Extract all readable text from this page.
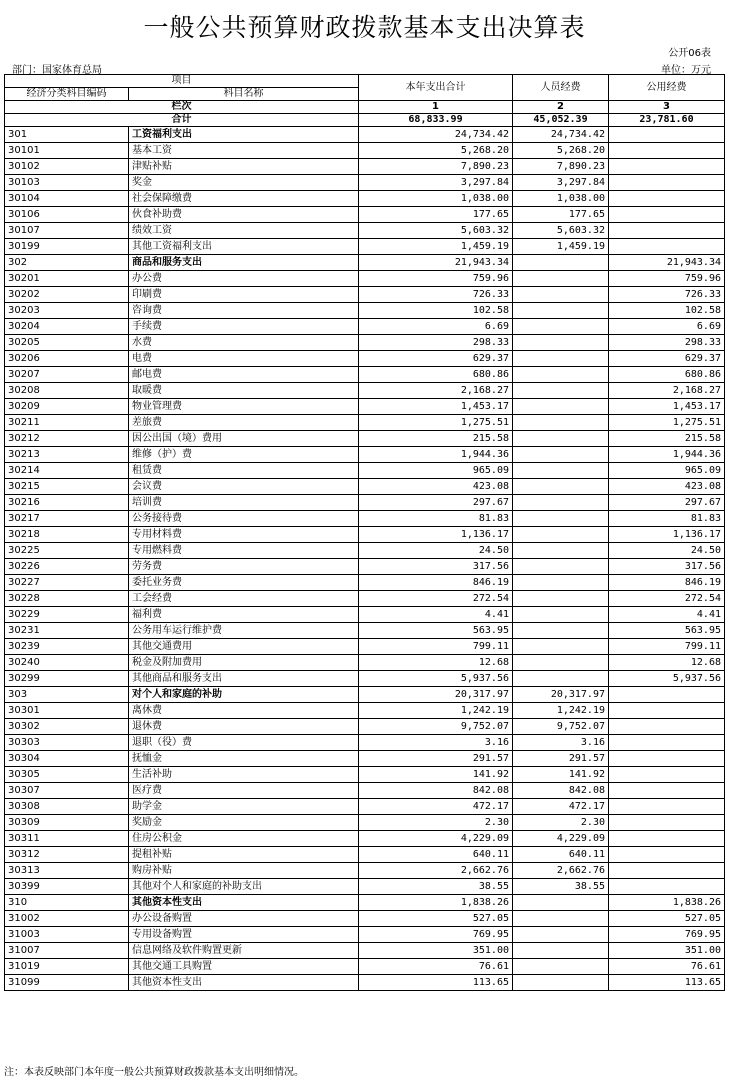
一般公共预算财政拨款基本支出决算表
公开06表
部门：国家体育总局	单位：万元
项目		本年支出合计	人员经费	公用经费
经济分类科目编码	科目名称			
栏次		1	2	3
合计		68,833.99	45,052.39	23,781.60
301	工资福利支出	24,734.42	24,734.42	
30101	基本工资	5,268.20	5,268.20	
30102	津贴补贴	7,890.23	7,890.23	
30103	奖金	3,297.84	3,297.84	
30104	社会保障缴费	1,038.00	1,038.00	
30106	伙食补助费	177.65	177.65	
30107	绩效工资	5,603.32	5,603.32	
30199	其他工资福利支出	1,459.19	1,459.19	
302	商品和服务支出	21,943.34		21,943.34
30201	办公费	759.96		759.96
30202	印刷费	726.33		726.33
30203	咨询费	102.58		102.58
30204	手续费	6.69		6.69
30205	水费	298.33		298.33
30206	电费	629.37		629.37
30207	邮电费	680.86		680.86
30208	取暖费	2,168.27		2,168.27
30209	物业管理费	1,453.17		1,453.17
30211	差旅费	1,275.51		1,275.51
30212	因公出国（境）费用	215.58		215.58
30213	维修（护）费	1,944.36		1,944.36
30214	租赁费	965.09		965.09
30215	会议费	423.08		423.08
30216	培训费	297.67		297.67
30217	公务接待费	81.83		81.83
30218	专用材料费	1,136.17		1,136.17
30225	专用燃料费	24.50		24.50
30226	劳务费	317.56		317.56
30227	委托业务费	846.19		846.19
30228	工会经费	272.54		272.54
30229	福利费	4.41		4.41
30231	公务用车运行维护费	563.95		563.95
30239	其他交通费用	799.11		799.11
30240	税金及附加费用	12.68		12.68
30299	其他商品和服务支出	5,937.56		5,937.56
303	对个人和家庭的补助	20,317.97	20,317.97	
30301	离休费	1,242.19	1,242.19	
30302	退休费	9,752.07	9,752.07	
30303	退职（役）费	3.16	3.16	
30304	抚恤金	291.57	291.57	
30305	生活补助	141.92	141.92	
30307	医疗费	842.08	842.08	
30308	助学金	472.17	472.17	
30309	奖励金	2.30	2.30	
30311	住房公积金	4,229.09	4,229.09	
30312	提租补贴	640.11	640.11	
30313	购房补贴	2,662.76	2,662.76	
30399	其他对个人和家庭的补助支出	38.55	38.55	
310	其他资本性支出	1,838.26		1,838.26
31002	办公设备购置	527.05		527.05
31003	专用设备购置	769.95		769.95
31007	信息网络及软件购置更新	351.00		351.00
31019	其他交通工具购置	76.61		76.61
31099	其他资本性支出	113.65		113.65
注：本表反映部门本年度一般公共预算财政拨款基本支出明细情况。
